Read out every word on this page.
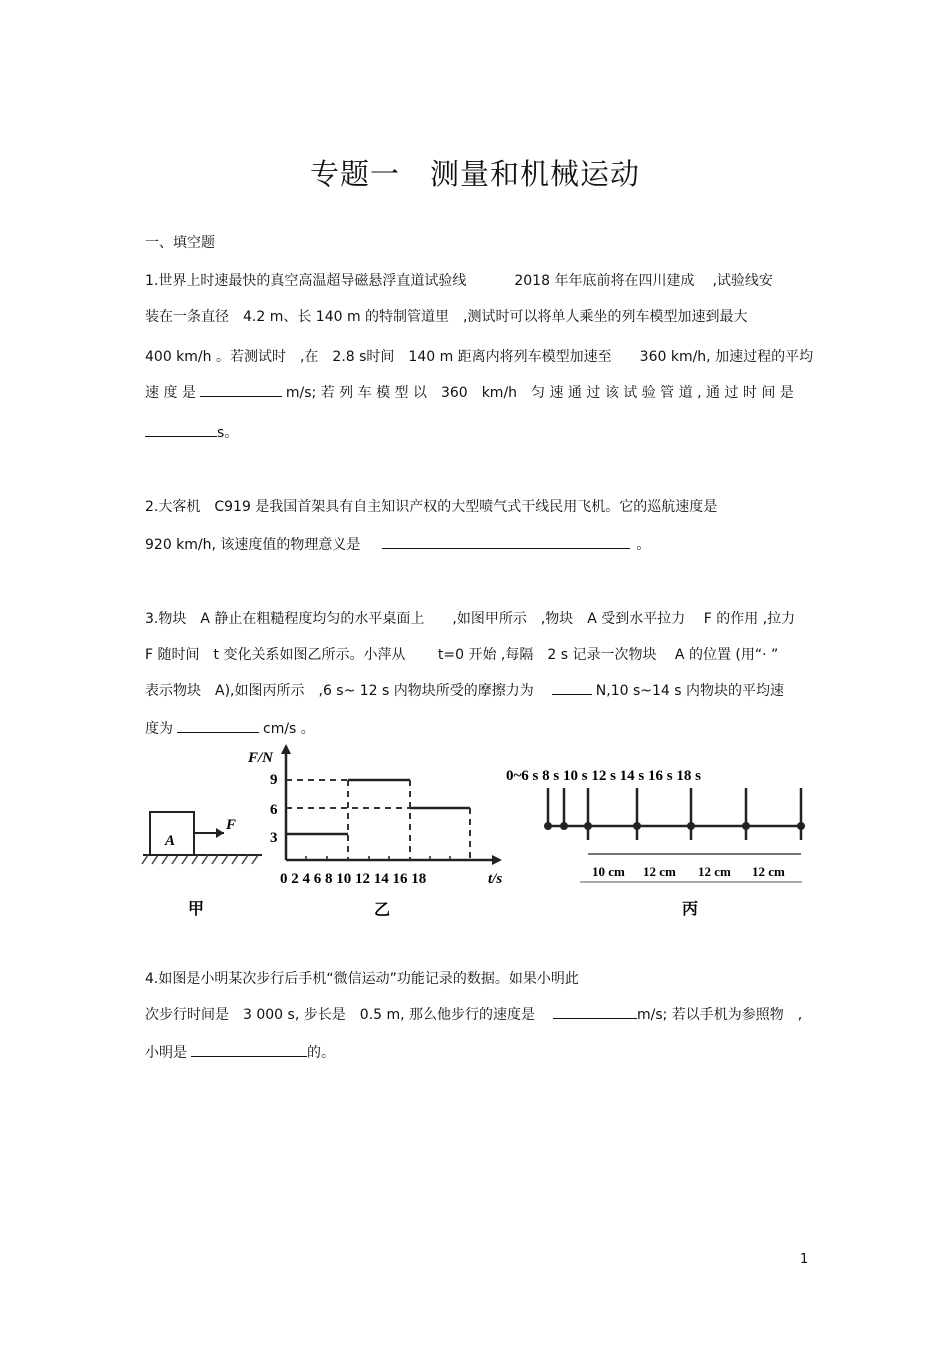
专题一　测量和机械运动
一、填空题
1.世界上时速最快的真空高温超导磁悬浮直道试验线	2018 年年底前将在四川建成 ,试验线安
装在一条直径　4.2 m、长 140 m 的特制管道里　,测试时可以将单人乘坐的列车模型加速到最大
400 km/h 。若测试时　,在　2.8 s时间　140 m 距离内将列车模型加速至　　360 km/h, 加速过程的平均
速 度 是	m/s; 若 列 车 模 型 以　360　km/h　匀 速 通 过 该 试 验 管 道 , 通 过 时 间 是
s。
2.大客机　C919 是我国首架具有自主知识产权的大型喷气式干线民用飞机。它的巡航速度是
920 km/h, 该速度值的物理意义是	。
3.物块　A 静止在粗糙程度均匀的水平桌面上　　,如图甲所示　,物块　A 受到水平拉力　 F 的作用 ,拉力
F 随时间　t 变化关系如图乙所示。小萍从　　 t=0 开始 ,每隔　2 s 记录一次物块　 A 的位置 (用“· ”
表示物块　A),如图丙所示　,6 s~ 12 s 内物块所受的摩擦力为	N,10 s~14 s 内物块的平均速
度为	cm/s 。
A
F
甲
F/N
9
6
3
0 2 4 6 8 10 12 14 16 18	t/s
乙
0~6 s 8 s 10 s 12 s 14 s 16 s 18 s
10 cm 12 cm 12 cm 12 cm
丙
4.如图是小明某次步行后手机“微信运动”功能记录的数据。如果小明此
次步行时间是　3 000 s, 步长是　0.5 m, 那么他步行的速度是	m/s; 若以手机为参照物　,
小明是	的。
1
